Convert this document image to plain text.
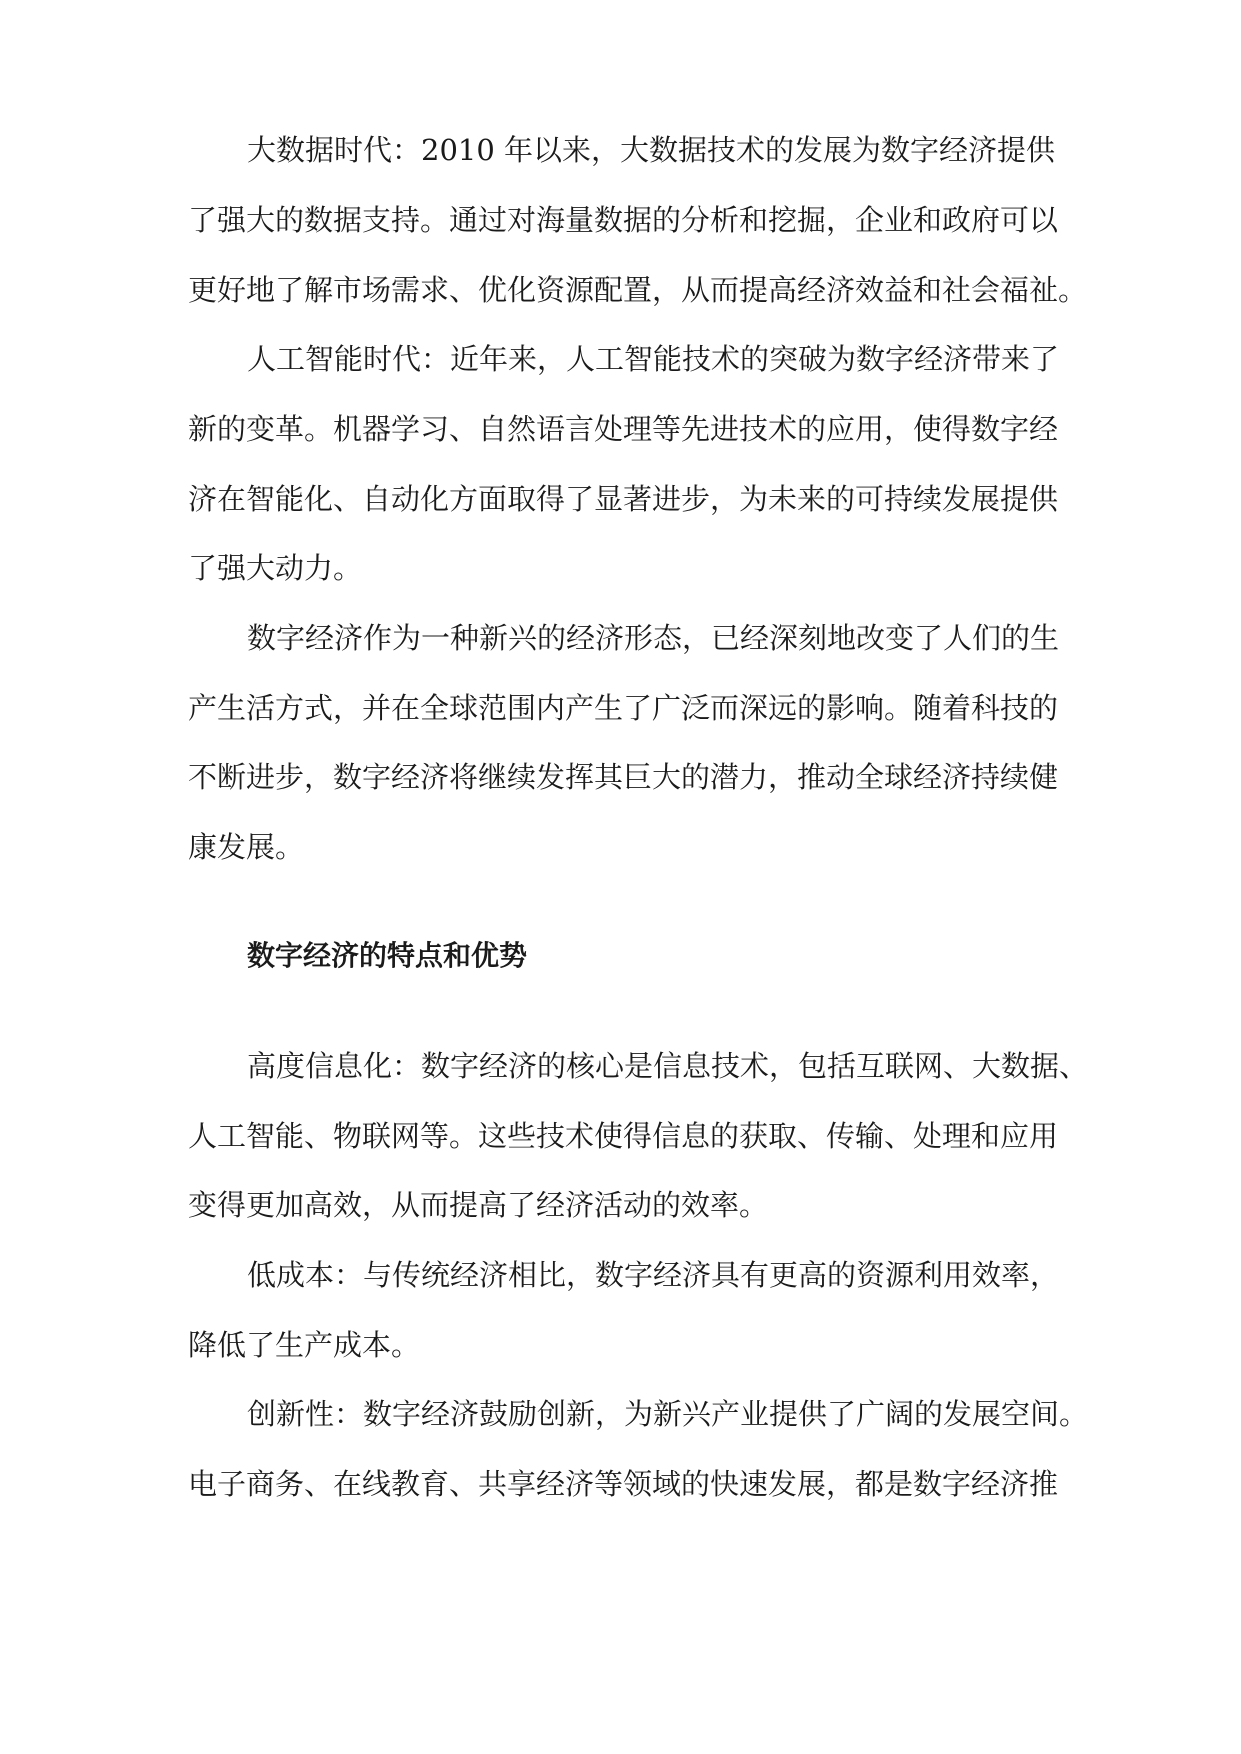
大数据时代：2010 年以来，大数据技术的发展为数字经济提供

了强大的数据支持。通过对海量数据的分析和挖掘，企业和政府可以

更好地了解市场需求、优化资源配置，从而提高经济效益和社会福祉。

人工智能时代：近年来，人工智能技术的突破为数字经济带来了

新的变革。机器学习、自然语言处理等先进技术的应用，使得数字经

济在智能化、自动化方面取得了显著进步，为未来的可持续发展提供

了强大动力。

数字经济作为一种新兴的经济形态，已经深刻地改变了人们的生

产生活方式，并在全球范围内产生了广泛而深远的影响。随着科技的

不断进步，数字经济将继续发挥其巨大的潜力，推动全球经济持续健

康发展。

数字经济的特点和优势

高度信息化：数字经济的核心是信息技术，包括互联网、大数据、

人工智能、物联网等。这些技术使得信息的获取、传输、处理和应用

变得更加高效，从而提高了经济活动的效率。

低成本：与传统经济相比，数字经济具有更高的资源利用效率，

降低了生产成本。

创新性：数字经济鼓励创新，为新兴产业提供了广阔的发展空间。

电子商务、在线教育、共享经济等领域的快速发展，都是数字经济推
